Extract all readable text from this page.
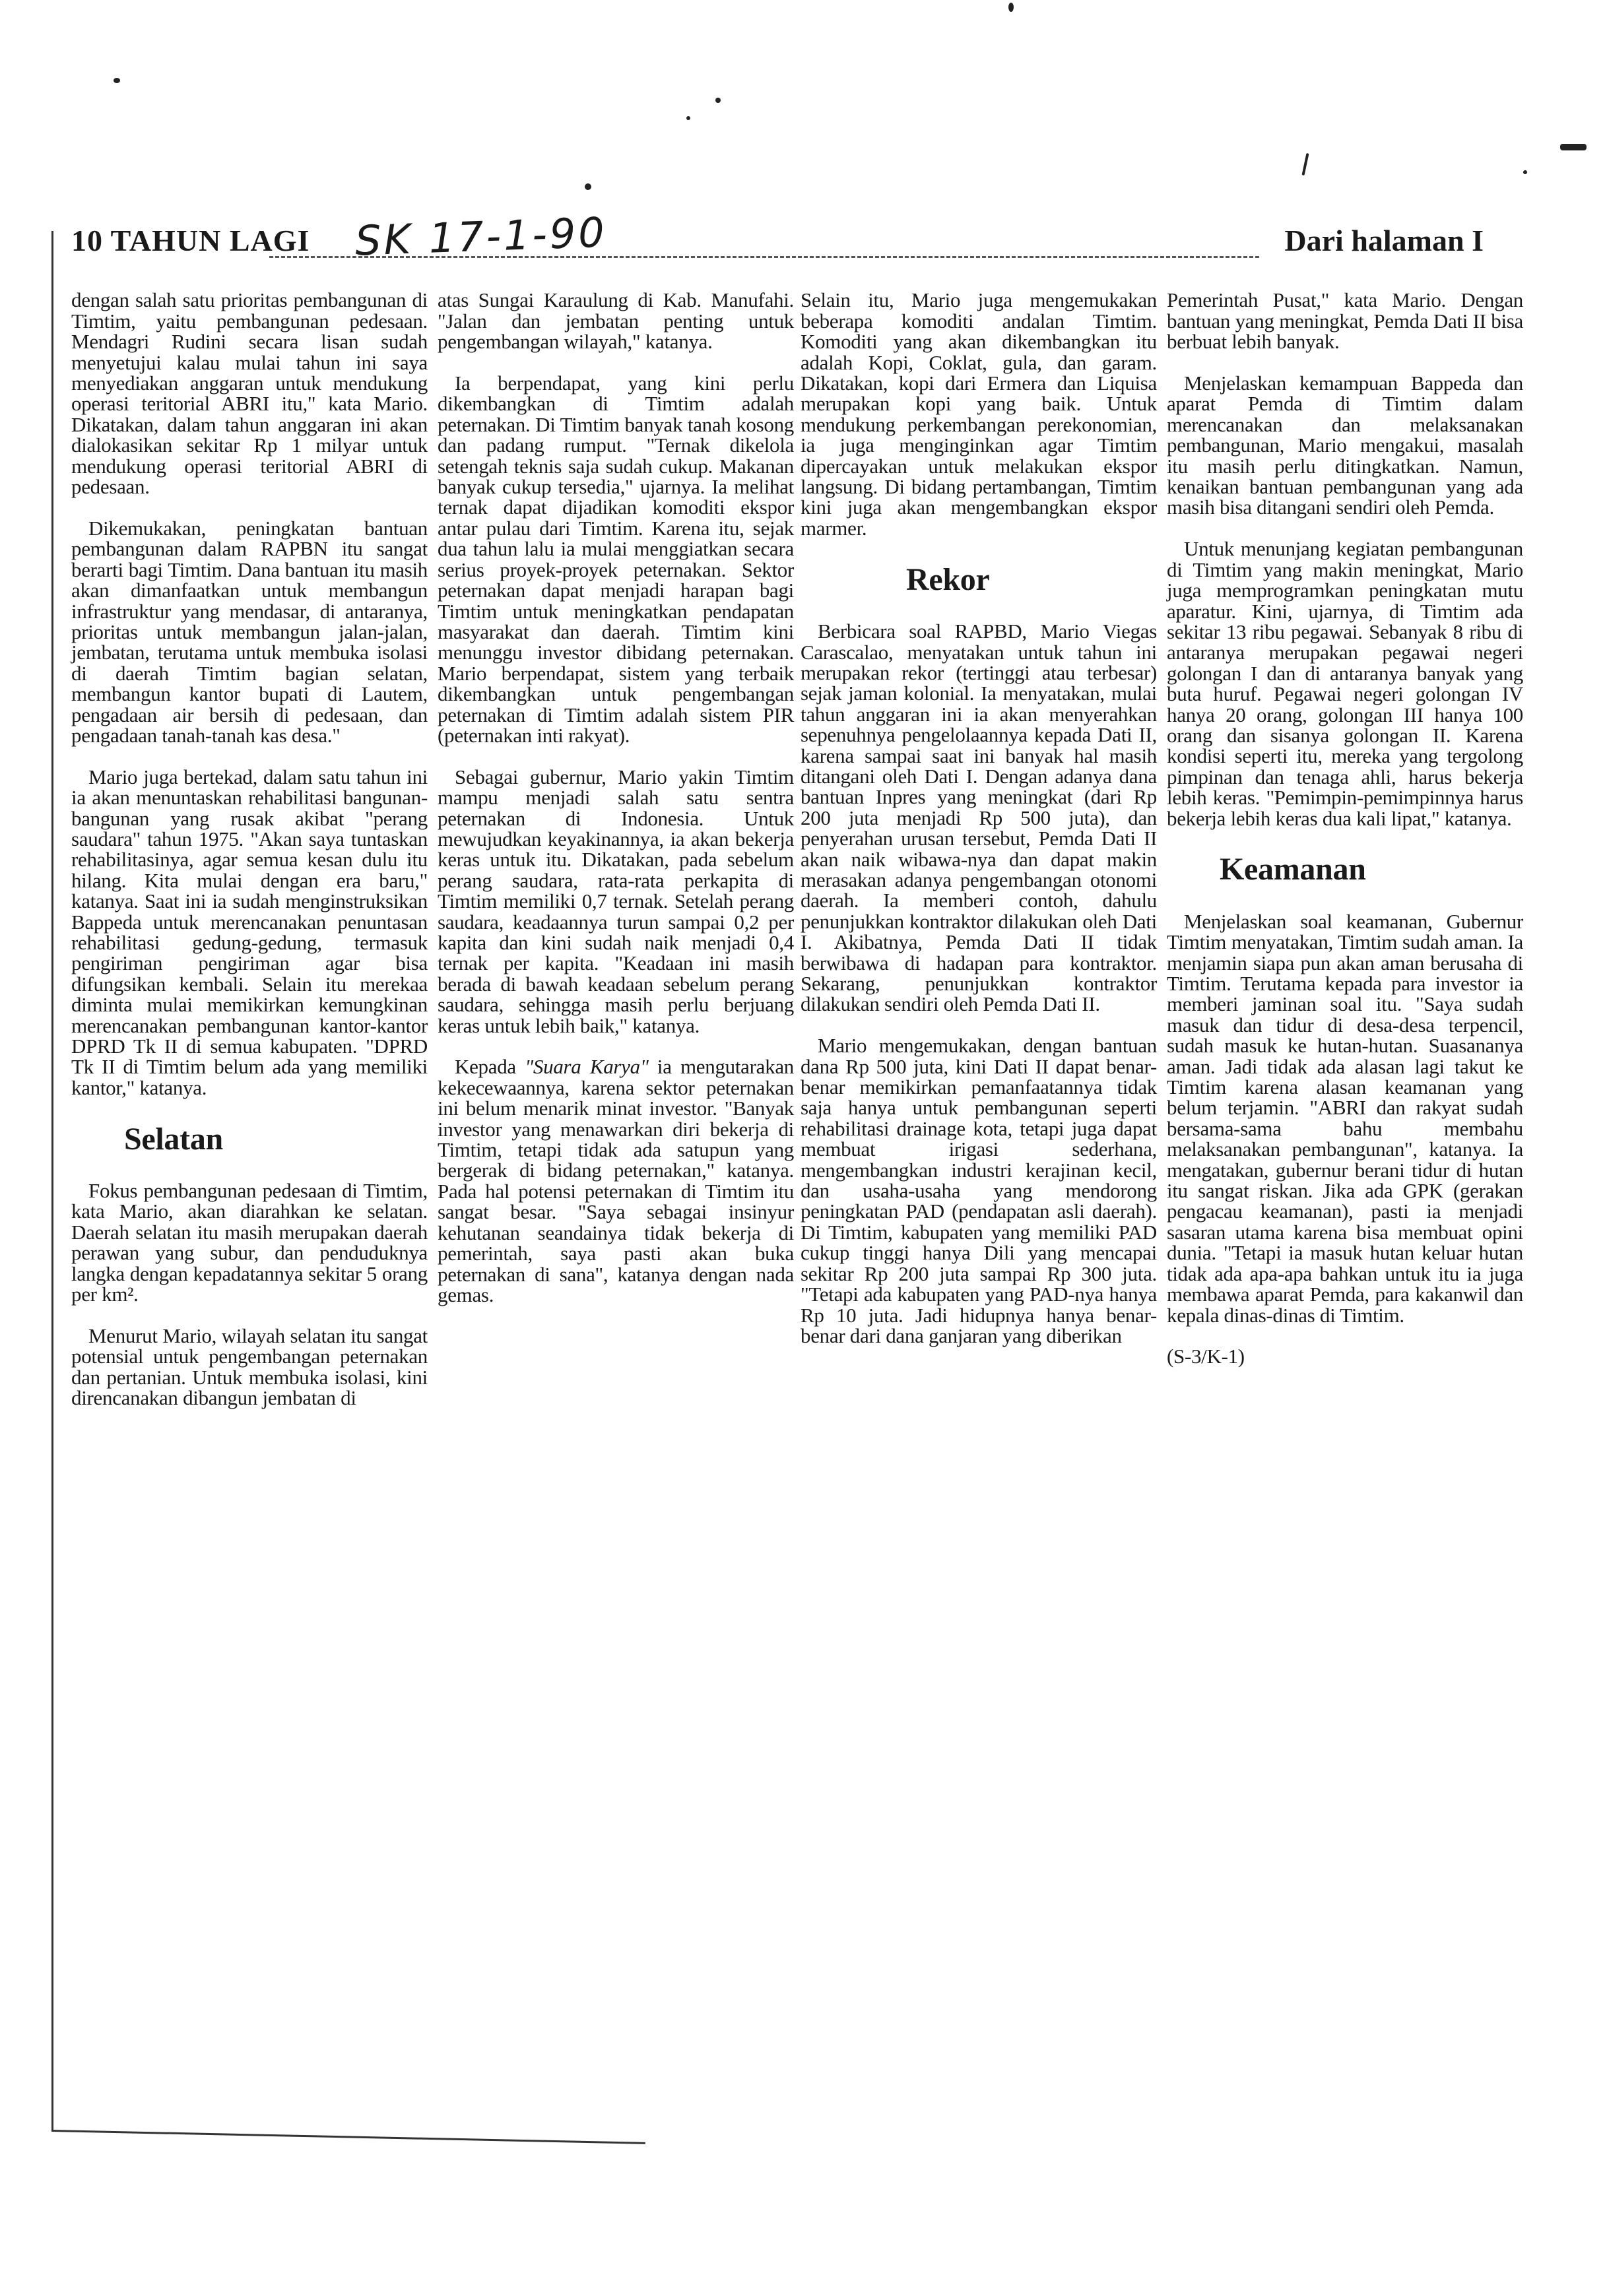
10 TAHUN LAGI SK 17-1-90	Dari halaman I

dengan salah satu prioritas pembangunan di Timtim, yaitu pembangunan pedesaan. Mendagri Rudini secara lisan sudah menyetujui kalau mulai tahun ini saya menyediakan anggaran untuk mendukung operasi teritorial ABRI itu," kata Mario. Dikatakan, dalam tahun anggaran ini akan dialokasikan sekitar Rp 1 milyar untuk mendukung operasi teritorial ABRI di pedesaan.

Dikemukakan, peningkatan bantuan pembangunan dalam RAPBN itu sangat berarti bagi Timtim. Dana bantuan itu masih akan dimanfaatkan untuk membangun infrastruktur yang mendasar, di antaranya, prioritas untuk membangun jalan-jalan, jembatan, terutama untuk membuka isolasi di daerah Timtim bagian selatan, membangun kantor bupati di Lautem, pengadaan air bersih di pedesaan, dan pengadaan tanah-tanah kas desa."

Mario juga bertekad, dalam satu tahun ini ia akan menuntaskan rehabilitasi bangunan-bangunan yang rusak akibat "perang saudara" tahun 1975. "Akan saya tuntaskan rehabilitasinya, agar semua kesan dulu itu hilang. Kita mulai dengan era baru," katanya. Saat ini ia sudah menginstruksikan Bappeda untuk merencanakan penuntasan rehabilitasi gedung-gedung, termasuk pengiriman pengiriman agar bisa difungsikan kembali. Selain itu merekaa diminta mulai memikirkan kemungkinan merencanakan pembangunan kantor-kantor DPRD Tk II di semua kabupaten. "DPRD Tk II di Timtim belum ada yang memiliki kantor," katanya.

Selatan

Fokus pembangunan pedesaan di Timtim, kata Mario, akan diarahkan ke selatan. Daerah selatan itu masih merupakan daerah perawan yang subur, dan penduduknya langka dengan kepadatannya sekitar 5 orang per km².

Menurut Mario, wilayah selatan itu sangat potensial untuk pengembangan peternakan dan pertanian. Untuk membuka isolasi, kini direncanakan dibangun jembatan di

atas Sungai Karaulung di Kab. Manufahi. "Jalan dan jembatan penting untuk pengembangan wilayah," katanya.

Ia berpendapat, yang kini perlu dikembangkan di Timtim adalah peternakan. Di Timtim banyak tanah kosong dan padang rumput. "Ternak dikelola setengah teknis saja sudah cukup. Makanan banyak cukup tersedia," ujarnya. Ia melihat ternak dapat dijadikan komoditi ekspor antar pulau dari Timtim. Karena itu, sejak dua tahun lalu ia mulai menggiatkan secara serius proyek-proyek peternakan. Sektor peternakan dapat menjadi harapan bagi Timtim untuk meningkatkan pendapatan masyarakat dan daerah. Timtim kini menunggu investor dibidang peternakan. Mario berpendapat, sistem yang terbaik dikembangkan untuk pengembangan peternakan di Timtim adalah sistem PIR (peternakan inti rakyat).

Sebagai gubernur, Mario yakin Timtim mampu menjadi salah satu sentra peternakan di Indonesia. Untuk mewujudkan keyakinannya, ia akan bekerja keras untuk itu. Dikatakan, pada sebelum perang saudara, rata-rata perkapita di Timtim memiliki 0,7 ternak. Setelah perang saudara, keadaannya turun sampai 0,2 per kapita dan kini sudah naik menjadi 0,4 ternak per kapita. "Keadaan ini masih berada di bawah keadaan sebelum perang saudara, sehingga masih perlu berjuang keras untuk lebih baik," katanya.

Kepada "Suara Karya" ia mengutarakan kekecewaannya, karena sektor peternakan ini belum menarik minat investor. "Banyak investor yang menawarkan diri bekerja di Timtim, tetapi tidak ada satupun yang bergerak di bidang peternakan," katanya. Pada hal potensi peternakan di Timtim itu sangat besar. "Saya sebagai insinyur kehutanan seandainya tidak bekerja di pemerintah, saya pasti akan buka peternakan di sana", katanya dengan nada gemas.

Selain itu, Mario juga mengemukakan beberapa komoditi andalan Timtim. Komoditi yang akan dikembangkan itu adalah Kopi, Coklat, gula, dan garam. Dikatakan, kopi dari Ermera dan Liquisa merupakan kopi yang baik. Untuk mendukung perkembangan perekonomian, ia juga menginginkan agar Timtim dipercayakan untuk melakukan ekspor langsung. Di bidang pertambangan, Timtim kini juga akan mengembangkan ekspor marmer.

Rekor

Berbicara soal RAPBD, Mario Viegas Carascalao, menyatakan untuk tahun ini merupakan rekor (tertinggi atau terbesar) sejak jaman kolonial. Ia menyatakan, mulai tahun anggaran ini ia akan menyerahkan sepenuhnya pengelolaannya kepada Dati II, karena sampai saat ini banyak hal masih ditangani oleh Dati I. Dengan adanya dana bantuan Inpres yang meningkat (dari Rp 200 juta menjadi Rp 500 juta), dan penyerahan urusan tersebut, Pemda Dati II akan naik wibawa-nya dan dapat makin merasakan adanya pengembangan otonomi daerah. Ia memberi contoh, dahulu penunjukkan kontraktor dilakukan oleh Dati I. Akibatnya, Pemda Dati II tidak berwibawa di hadapan para kontraktor. Sekarang, penunjukkan kontraktor dilakukan sendiri oleh Pemda Dati II.

Mario mengemukakan, dengan bantuan dana Rp 500 juta, kini Dati II dapat benar-benar memikirkan pemanfaatannya tidak saja hanya untuk pembangunan seperti rehabilitasi drainage kota, tetapi juga dapat membuat irigasi sederhana, mengembangkan industri kerajinan kecil, dan usaha-usaha yang mendorong peningkatan PAD (pendapatan asli daerah). Di Timtim, kabupaten yang memiliki PAD cukup tinggi hanya Dili yang mencapai sekitar Rp 200 juta sampai Rp 300 juta. "Tetapi ada kabupaten yang PAD-nya hanya Rp 10 juta. Jadi hidupnya hanya benar-benar dari dana ganjaran yang diberikan

Pemerintah Pusat," kata Mario. Dengan bantuan yang meningkat, Pemda Dati II bisa berbuat lebih banyak.

Menjelaskan kemampuan Bappeda dan aparat Pemda di Timtim dalam merencanakan dan melaksanakan pembangunan, Mario mengakui, masalah itu masih perlu ditingkatkan. Namun, kenaikan bantuan pembangunan yang ada masih bisa ditangani sendiri oleh Pemda.

Untuk menunjang kegiatan pembangunan di Timtim yang makin meningkat, Mario juga memprogramkan peningkatan mutu aparatur. Kini, ujarnya, di Timtim ada sekitar 13 ribu pegawai. Sebanyak 8 ribu di antaranya merupakan pegawai negeri golongan I dan di antaranya banyak yang buta huruf. Pegawai negeri golongan IV hanya 20 orang, golongan III hanya 100 orang dan sisanya golongan II. Karena kondisi seperti itu, mereka yang tergolong pimpinan dan tenaga ahli, harus bekerja lebih keras. "Pemimpin-pemimpinnya harus bekerja lebih keras dua kali lipat," katanya.

Keamanan

Menjelaskan soal keamanan, Gubernur Timtim menyatakan, Timtim sudah aman. Ia menjamin siapa pun akan aman berusaha di Timtim. Terutama kepada para investor ia memberi jaminan soal itu. "Saya sudah masuk dan tidur di desa-desa terpencil, sudah masuk ke hutan-hutan. Suasananya aman. Jadi tidak ada alasan lagi takut ke Timtim karena alasan keamanan yang belum terjamin. "ABRI dan rakyat sudah bersama-sama bahu membahu melaksanakan pembangunan", katanya. Ia mengatakan, gubernur berani tidur di hutan itu sangat riskan. Jika ada GPK (gerakan pengacau keamanan), pasti ia menjadi sasaran utama karena bisa membuat opini dunia. "Tetapi ia masuk hutan keluar hutan tidak ada apa-apa bahkan untuk itu ia juga membawa aparat Pemda, para kakanwil dan kepala dinas-dinas di Timtim.

(S-3/K-1)
